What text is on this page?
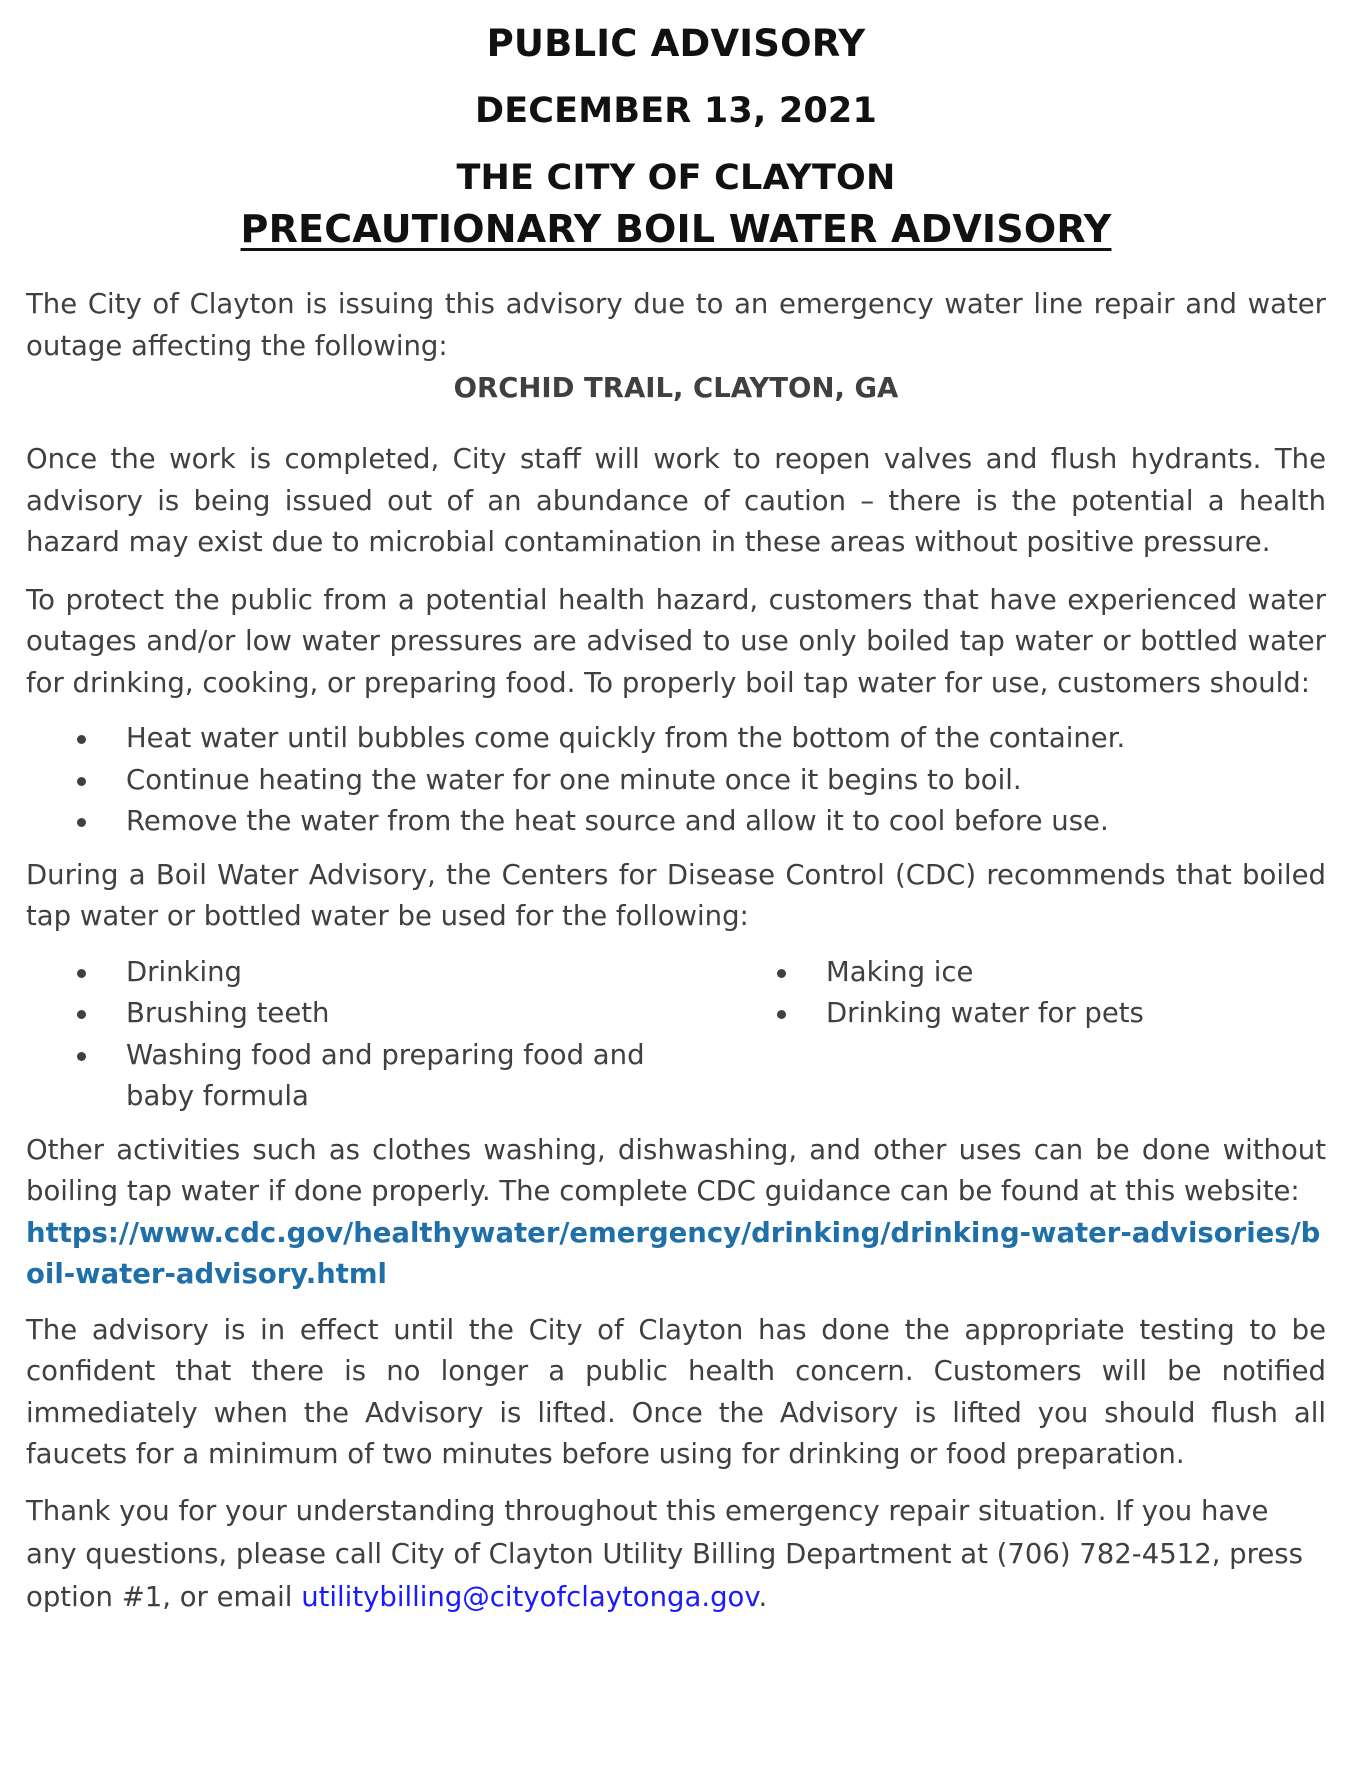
PUBLIC ADVISORY
DECEMBER 13, 2021
THE CITY OF CLAYTON
PRECAUTIONARY BOIL WATER ADVISORY

The City of Clayton is issuing this advisory due to an emergency water line repair and water outage affecting the following:

ORCHID TRAIL, CLAYTON, GA

Once the work is completed, City staff will work to reopen valves and flush hydrants. The advisory is being issued out of an abundance of caution – there is the potential a health hazard may exist due to microbial contamination in these areas without positive pressure.

To protect the public from a potential health hazard, customers that have experienced water outages and/or low water pressures are advised to use only boiled tap water or bottled water for drinking, cooking, or preparing food. To properly boil tap water for use, customers should:

Heat water until bubbles come quickly from the bottom of the container.
Continue heating the water for one minute once it begins to boil.
Remove the water from the heat source and allow it to cool before use.

During a Boil Water Advisory, the Centers for Disease Control (CDC) recommends that boiled tap water or bottled water be used for the following:

Drinking
Brushing teeth
Washing food and preparing food and baby formula
Making ice
Drinking water for pets

Other activities such as clothes washing, dishwashing, and other uses can be done without boiling tap water if done properly. The complete CDC guidance can be found at this website:

https://www.cdc.gov/healthywater/emergency/drinking/drinking-water-advisories/boil-water-advisory.html

The advisory is in effect until the City of Clayton has done the appropriate testing to be confident that there is no longer a public health concern. Customers will be notified immediately when the Advisory is lifted. Once the Advisory is lifted you should flush all faucets for a minimum of two minutes before using for drinking or food preparation.

Thank you for your understanding throughout this emergency repair situation. If you have any questions, please call City of Clayton Utility Billing Department at (706) 782-4512, press option #1, or email utilitybilling@cityofclaytonga.gov.
